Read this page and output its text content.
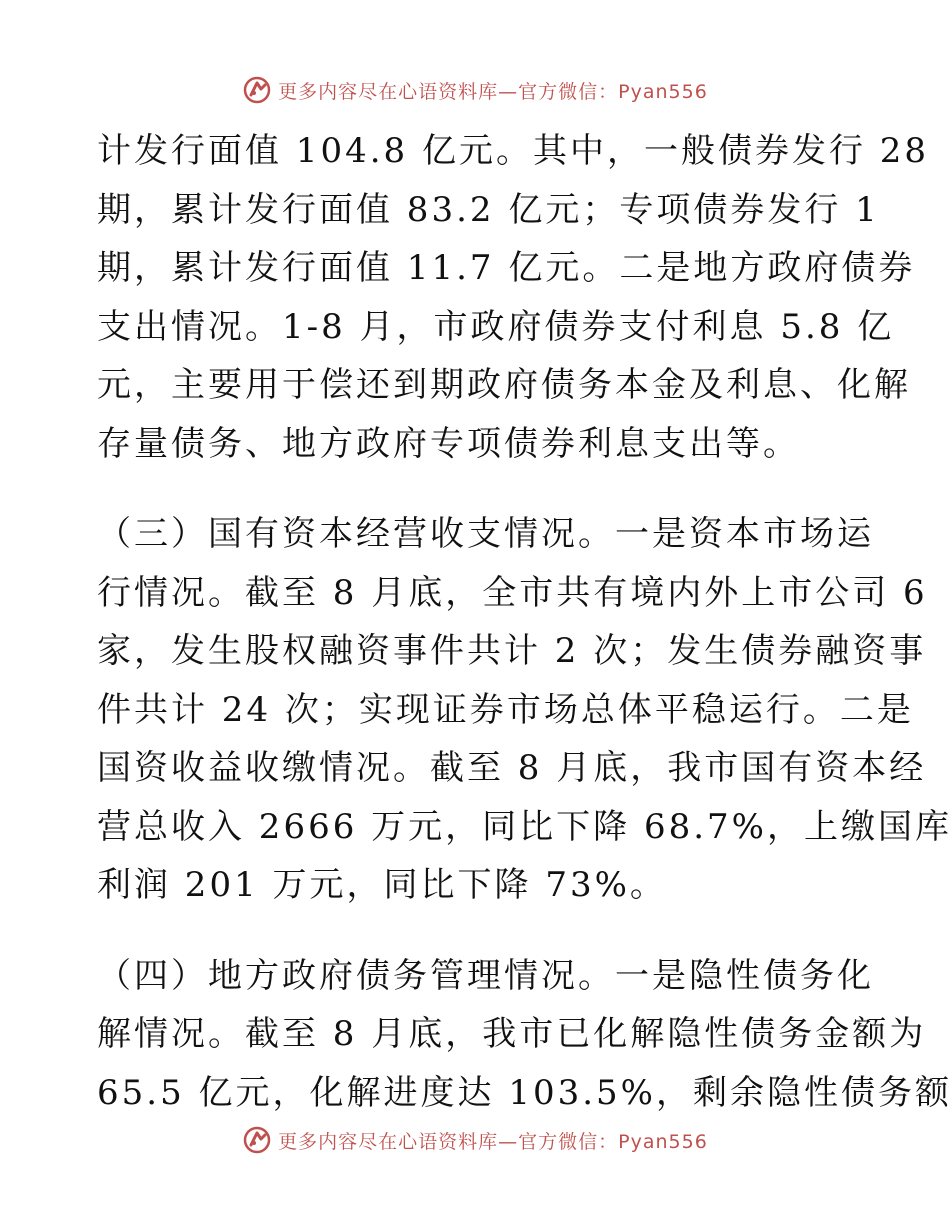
更多内容尽在心语资料库—官方微信：Pyan556
计发行面值 104.8 亿元。其中，一般债券发行 28
期，累计发行面值 83.2 亿元；专项债券发行 1
期，累计发行面值 11.7 亿元。二是地方政府债券
支出情况。1-8 月，市政府债券支付利息 5.8 亿
元，主要用于偿还到期政府债务本金及利息、化解
存量债务、地方政府专项债券利息支出等。
（三）国有资本经营收支情况。一是资本市场运
行情况。截至 8 月底，全市共有境内外上市公司 6
家，发生股权融资事件共计 2 次；发生债券融资事
件共计 24 次；实现证券市场总体平稳运行。二是
国资收益收缴情况。截至 8 月底，我市国有资本经
营总收入 2666 万元，同比下降 68.7%，上缴国库
利润 201 万元，同比下降 73%。
（四）地方政府债务管理情况。一是隐性债务化
解情况。截至 8 月底，我市已化解隐性债务金额为
65.5 亿元，化解进度达 103.5%，剩余隐性债务额
更多内容尽在心语资料库—官方微信：Pyan556
